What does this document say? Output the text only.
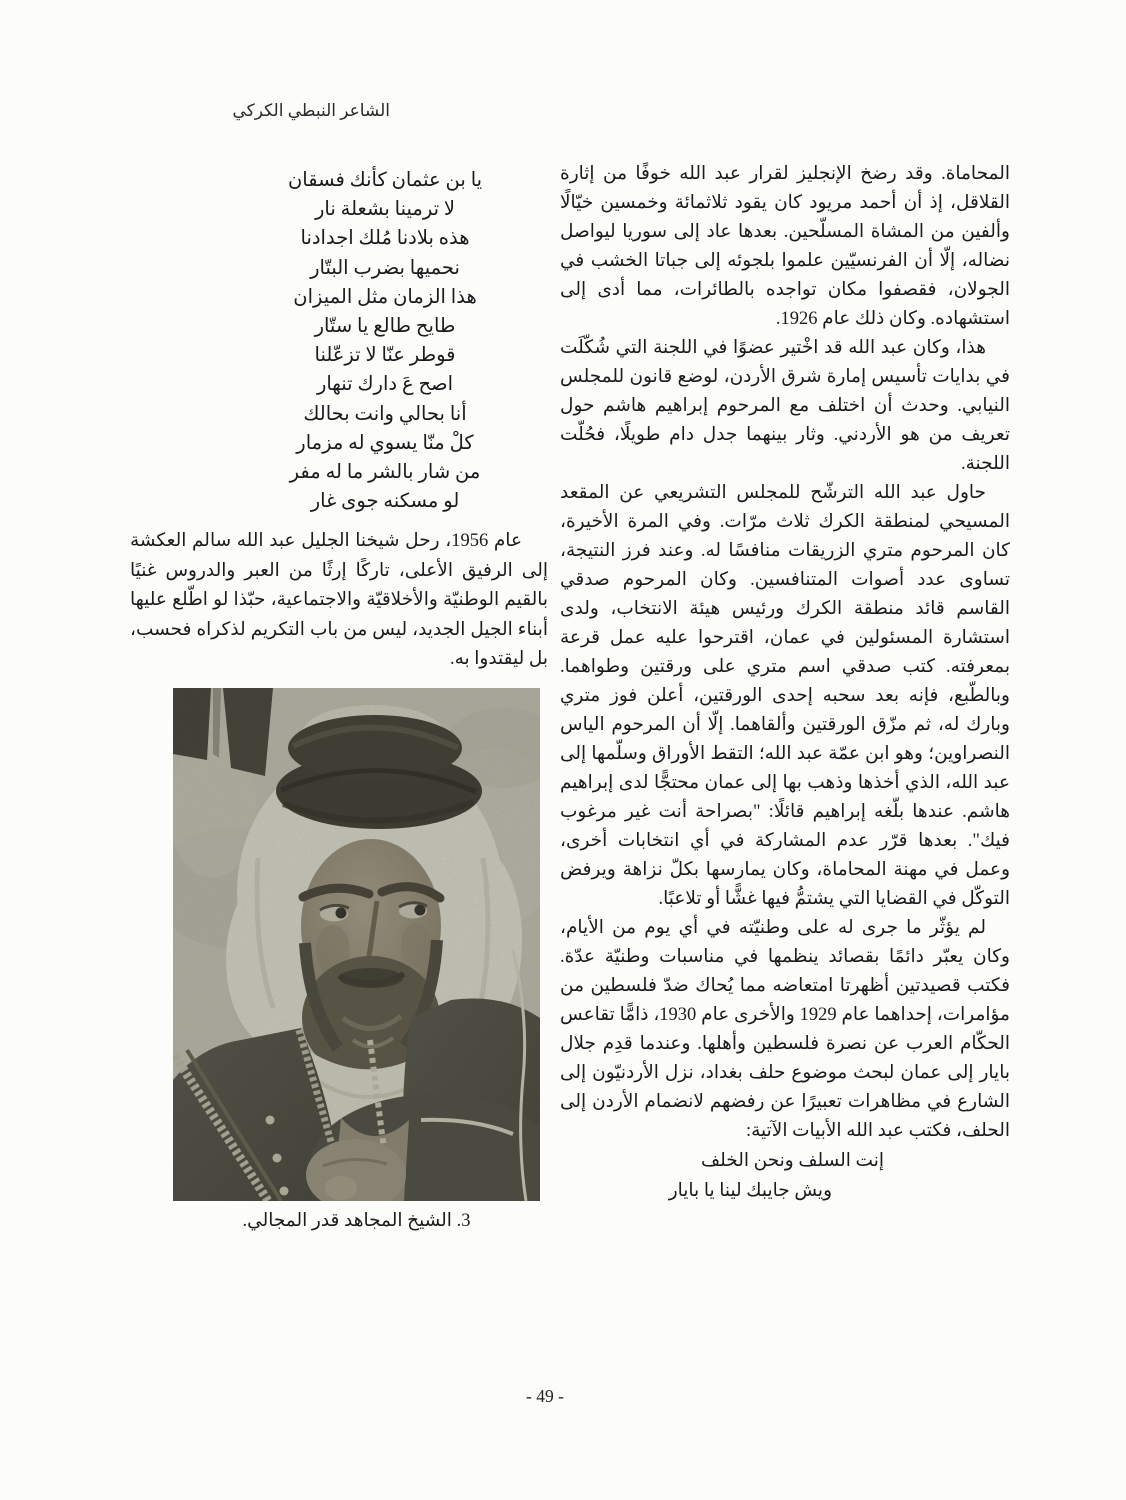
الشاعر النبطي الكركي
يا بن عثمان كأنك فسقان
لا ترمينا بشعلة نار
هذه بلادنا مُلك اجدادنا
نحميها بضرب البتّار
هذا الزمان مثل الميزان
طايح طالع يا ستّار
قوطر عنّا لا تزعّلنا
اصح عَ دارك تنهار
أنا بحالي وانت بحالك
كلْ منّا يسوي له مزمار
من شار بالشر ما له مفر
لو مسكنه جوى غار
عام 1956، رحل شيخنا الجليل عبد الله سالم العكشة إلى الرفيق الأعلى، تاركًا إرثًا من العبر والدروس غنيًا بالقيم الوطنيّة والأخلاقيّة والاجتماعية، حبّذا لو اطّلع عليها أبناء الجيل الجديد، ليس من باب التكريم لذكراه فحسب، بل ليقتدوا به.
3. الشيخ المجاهد قدر المجالي.

المحاماة. وقد رضخ الإنجليز لقرار عبد الله خوفًا من إثارة القلاقل، إذ أن أحمد مريود كان يقود ثلاثمائة وخمسين خيّالًا وألفين من المشاة المسلّحين. بعدها عاد إلى سوريا ليواصل نضاله، إلّا أن الفرنسيّين علموا بلجوئه إلى جباتا الخشب في الجولان، فقصفوا مكان تواجده بالطائرات، مما أدى إلى استشهاده. وكان ذلك عام 1926.

هذا، وكان عبد الله قد اخْتير عضوًا في اللجنة التي شُكّلَت في بدايات تأسيس إمارة شرق الأردن، لوضع قانون للمجلس النيابي. وحدث أن اختلف مع المرحوم إبراهيم هاشم حول تعريف من هو الأردني. وثار بينهما جدل دام طويلًا، فحُلّت اللجنة.

حاول عبد الله الترشّح للمجلس التشريعي عن المقعد المسيحي لمنطقة الكرك ثلاث مرّات. وفي المرة الأخيرة، كان المرحوم متري الزريقات منافسًا له. وعند فرز النتيجة، تساوى عدد أصوات المتنافسين. وكان المرحوم صدقي القاسم قائد منطقة الكرك ورئيس هيئة الانتخاب، ولدى استشارة المسئولين في عمان، اقترحوا عليه عمل قرعة بمعرفته. كتب صدقي اسم متري على ورقتين وطواهما. وبالطّبع، فإنه بعد سحبه إحدى الورقتين، أعلن فوز متري وبارك له، ثم مزّق الورقتين وألقاهما. إلّا أن المرحوم الياس النصراوين؛ وهو ابن عمّة عبد الله؛ التقط الأوراق وسلّمها إلى عبد الله، الذي أخذها وذهب بها إلى عمان محتجًّا لدى إبراهيم هاشم. عندها بلّغه إبراهيم قائلًا: "بصراحة أنت غير مرغوب فيك". بعدها قرّر عدم المشاركة في أي انتخابات أخرى، وعمل في مهنة المحاماة، وكان يمارسها بكلّ نزاهة ويرفض التوكّل في القضايا التي يشتمُّ فيها غشًّا أو تلاعبًا.

لم يؤثّر ما جرى له على وطنيّته في أي يوم من الأيام، وكان يعبّر دائمًا بقصائد ينظمها في مناسبات وطنيّة عدّة. فكتب قصيدتين أظهرتا امتعاضه مما يُحاك ضدّ فلسطين من مؤامرات، إحداهما عام 1929 والأخرى عام 1930، ذامًّا تقاعس الحكّام العرب عن نصرة فلسطين وأهلها. وعندما قدِم جلال بايار إلى عمان لبحث موضوع حلف بغداد، نزل الأردنيّون إلى الشارع في مظاهرات تعبيرًا عن رفضهم لانضمام الأردن إلى الحلف، فكتب عبد الله الأبيات الآتية:

إنت السلف ونحن الخلف
ويش جايبك لينا يا بايار
- 49 -
